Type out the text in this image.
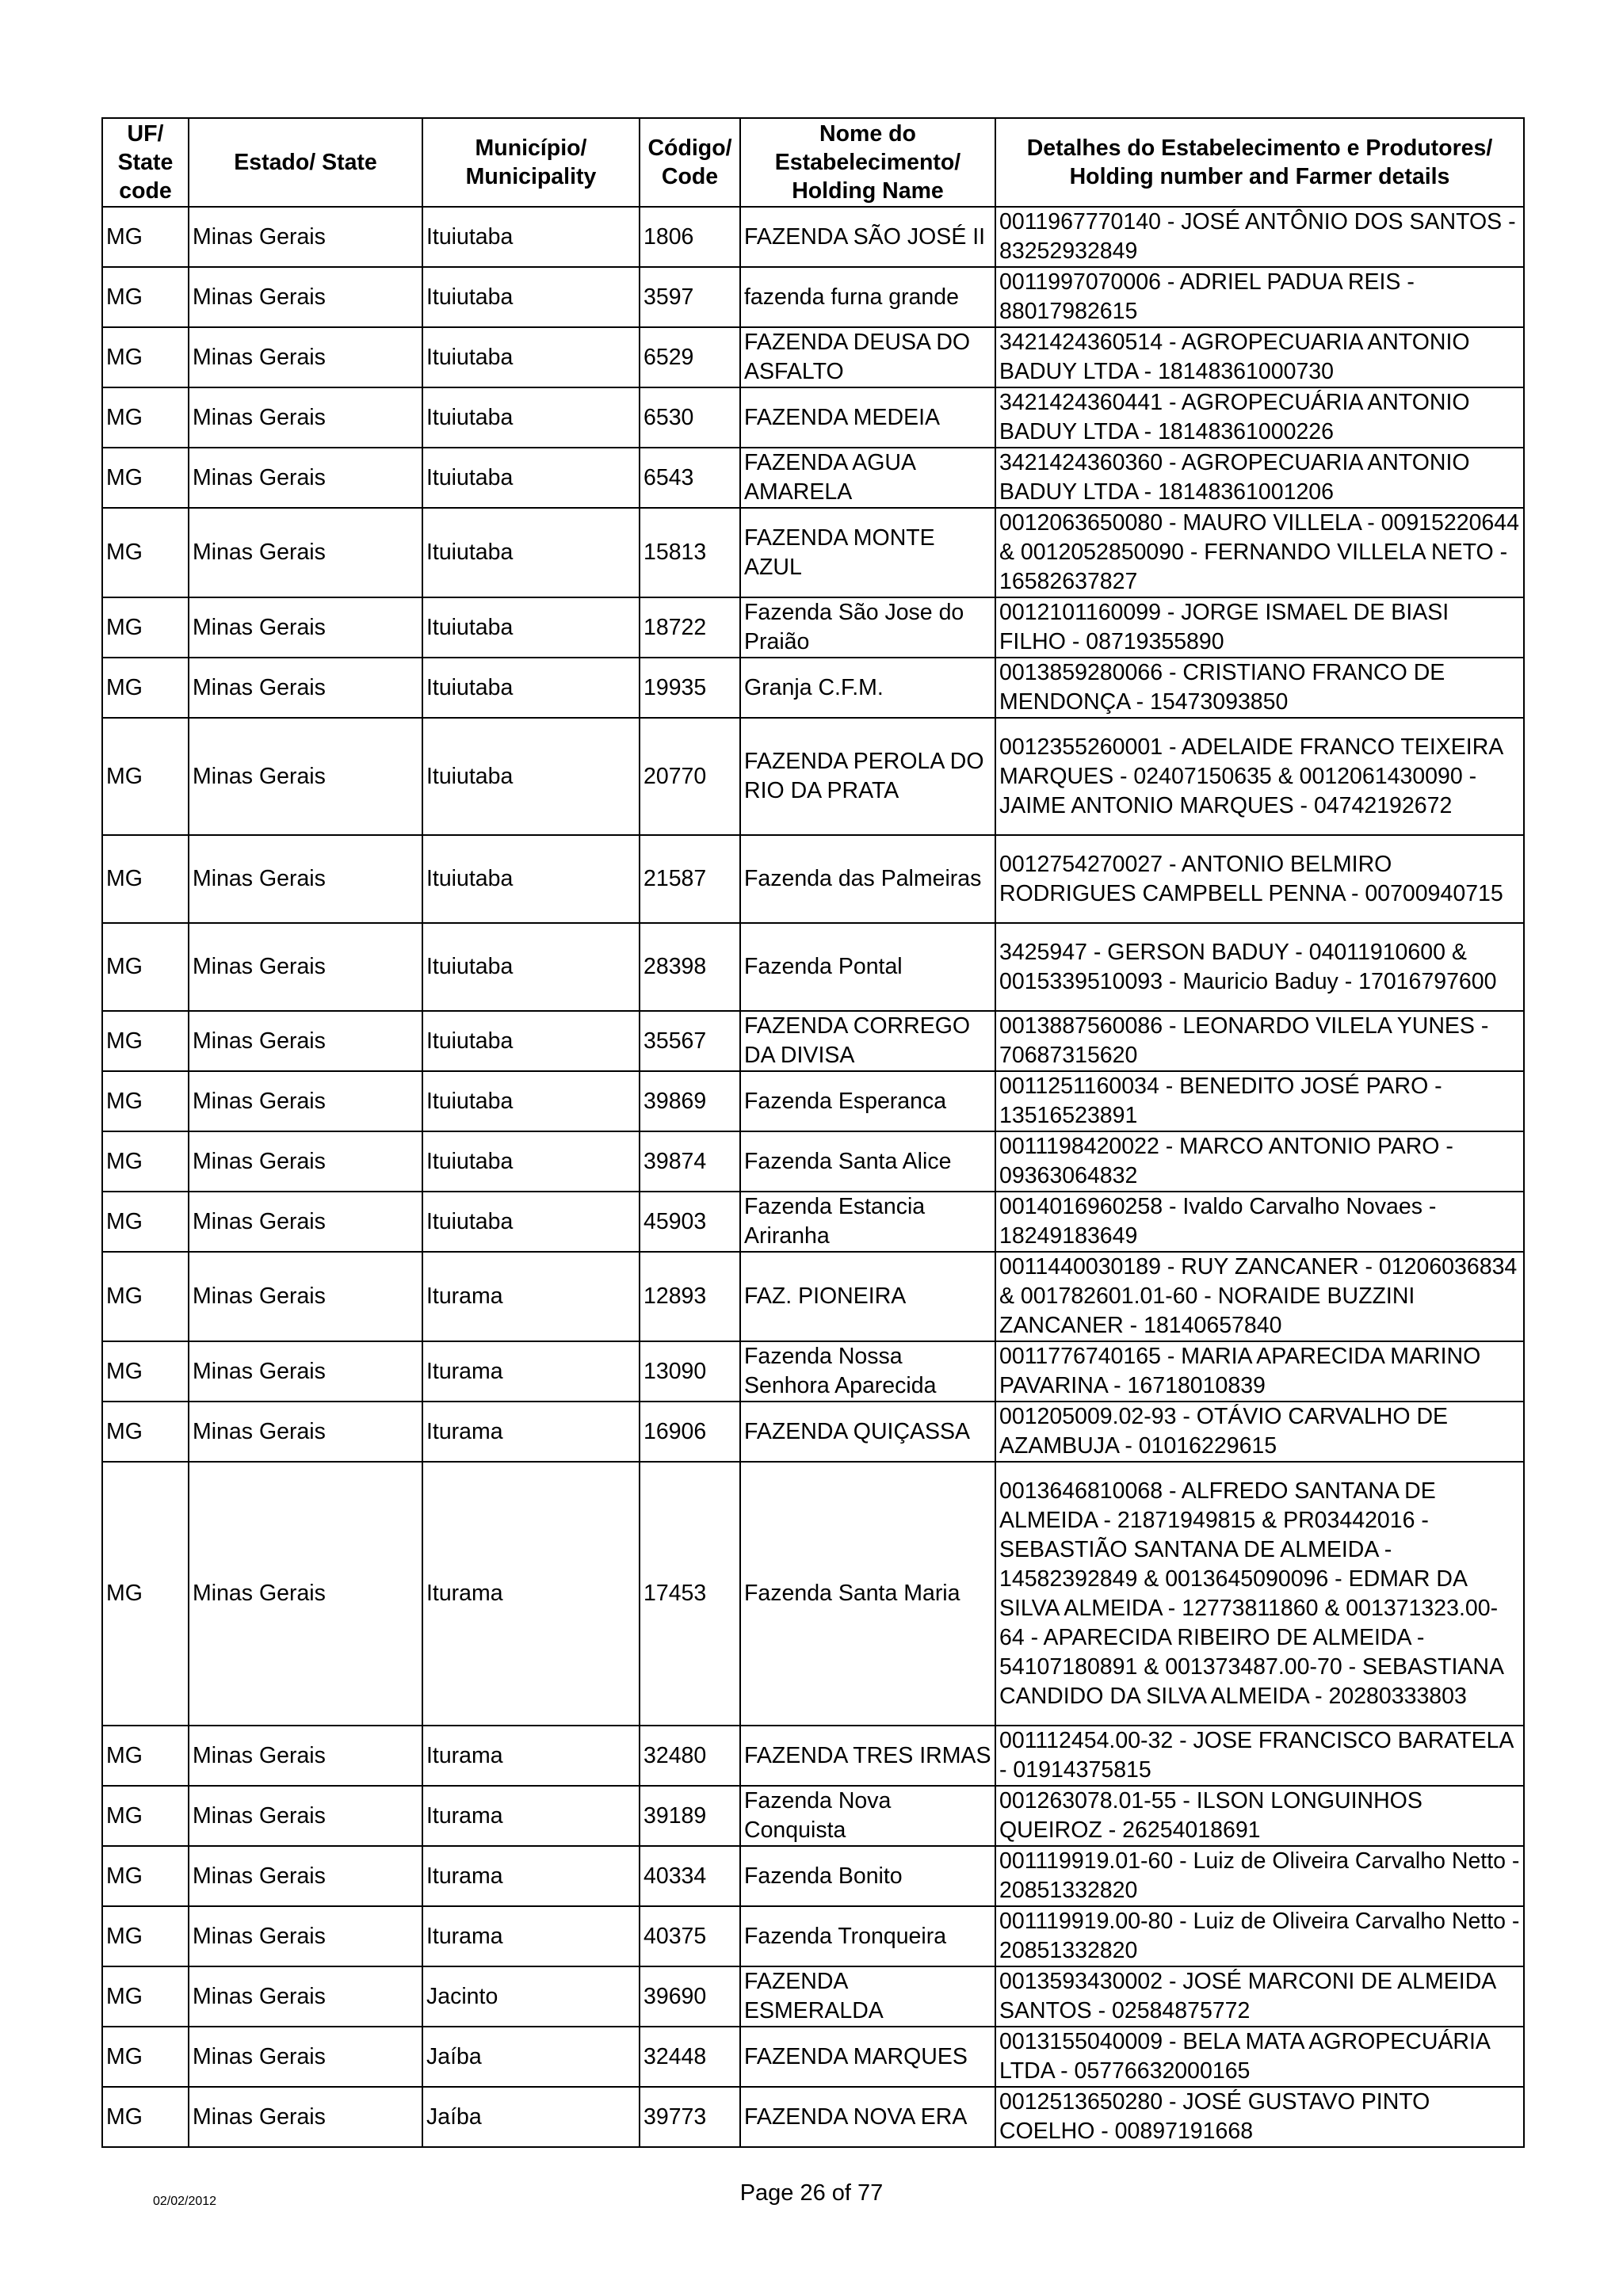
UF/ State code	Estado/ State	Município/ Municipality	Código/ Code	Nome do Estabelecimento/ Holding Name	Detalhes do Estabelecimento e Produtores/ Holding number and Farmer details
MG	Minas Gerais	Ituiutaba	1806	FAZENDA SÃO JOSÉ II	0011967770140 - JOSÉ ANTÔNIO DOS SANTOS - 83252932849
MG	Minas Gerais	Ituiutaba	3597	fazenda furna grande	0011997070006 - ADRIEL PADUA REIS - 88017982615
MG	Minas Gerais	Ituiutaba	6529	FAZENDA DEUSA DO ASFALTO	3421424360514 - AGROPECUARIA ANTONIO BADUY LTDA - 18148361000730
MG	Minas Gerais	Ituiutaba	6530	FAZENDA MEDEIA	3421424360441 - AGROPECUÁRIA ANTONIO BADUY LTDA - 18148361000226
MG	Minas Gerais	Ituiutaba	6543	FAZENDA AGUA AMARELA	3421424360360 - AGROPECUARIA ANTONIO BADUY LTDA - 18148361001206
MG	Minas Gerais	Ituiutaba	15813	FAZENDA MONTE AZUL	0012063650080 - MAURO VILLELA - 00915220644 & 0012052850090 - FERNANDO VILLELA NETO - 16582637827
MG	Minas Gerais	Ituiutaba	18722	Fazenda São Jose do Praião	0012101160099 - JORGE ISMAEL DE BIASI FILHO - 08719355890
MG	Minas Gerais	Ituiutaba	19935	Granja C.F.M.	0013859280066 - CRISTIANO FRANCO DE MENDONÇA - 15473093850
MG	Minas Gerais	Ituiutaba	20770	FAZENDA PEROLA DO RIO DA PRATA	0012355260001 - ADELAIDE FRANCO TEIXEIRA MARQUES - 02407150635 & 0012061430090 - JAIME ANTONIO MARQUES - 04742192672
MG	Minas Gerais	Ituiutaba	21587	Fazenda das Palmeiras	0012754270027 - ANTONIO BELMIRO RODRIGUES CAMPBELL PENNA - 00700940715
MG	Minas Gerais	Ituiutaba	28398	Fazenda Pontal	3425947 - GERSON BADUY - 04011910600 & 0015339510093 - Mauricio Baduy - 17016797600
MG	Minas Gerais	Ituiutaba	35567	FAZENDA CORREGO DA DIVISA	0013887560086 - LEONARDO VILELA YUNES - 70687315620
MG	Minas Gerais	Ituiutaba	39869	Fazenda Esperanca	0011251160034 - BENEDITO JOSÉ PARO - 13516523891
MG	Minas Gerais	Ituiutaba	39874	Fazenda Santa Alice	0011198420022 - MARCO ANTONIO PARO - 09363064832
MG	Minas Gerais	Ituiutaba	45903	Fazenda Estancia Ariranha	0014016960258 - Ivaldo Carvalho Novaes - 18249183649
MG	Minas Gerais	Iturama	12893	FAZ. PIONEIRA	0011440030189 - RUY ZANCANER - 01206036834 & 001782601.01-60 - NORAIDE BUZZINI ZANCANER - 18140657840
MG	Minas Gerais	Iturama	13090	Fazenda Nossa Senhora Aparecida	0011776740165 - MARIA APARECIDA MARINO PAVARINA - 16718010839
MG	Minas Gerais	Iturama	16906	FAZENDA QUIÇASSA	001205009.02-93 - OTÁVIO CARVALHO DE AZAMBUJA - 01016229615
MG	Minas Gerais	Iturama	17453	Fazenda Santa Maria	0013646810068 - ALFREDO SANTANA DE ALMEIDA - 21871949815 & PR03442016 - SEBASTIÃO SANTANA DE ALMEIDA - 14582392849 & 0013645090096 - EDMAR DA SILVA ALMEIDA - 12773811860 & 001371323.00-64 - APARECIDA RIBEIRO DE ALMEIDA - 54107180891 & 001373487.00-70 - SEBASTIANA CANDIDO DA SILVA ALMEIDA - 20280333803
MG	Minas Gerais	Iturama	32480	FAZENDA TRES IRMAS	001112454.00-32 - JOSE FRANCISCO BARATELA - 01914375815
MG	Minas Gerais	Iturama	39189	Fazenda Nova Conquista	001263078.01-55 - ILSON LONGUINHOS QUEIROZ - 26254018691
MG	Minas Gerais	Iturama	40334	Fazenda Bonito	001119919.01-60 - Luiz de Oliveira Carvalho Netto - 20851332820
MG	Minas Gerais	Iturama	40375	Fazenda Tronqueira	001119919.00-80 - Luiz de Oliveira Carvalho Netto - 20851332820
MG	Minas Gerais	Jacinto	39690	FAZENDA ESMERALDA	0013593430002 - JOSÉ MARCONI DE ALMEIDA SANTOS - 02584875772
MG	Minas Gerais	Jaíba	32448	FAZENDA MARQUES	0013155040009 - BELA MATA AGROPECUÁRIA LTDA - 05776632000165
MG	Minas Gerais	Jaíba	39773	FAZENDA NOVA ERA	0012513650280 - JOSÉ GUSTAVO PINTO COELHO - 00897191668
02/02/2012	Page 26 of 77
